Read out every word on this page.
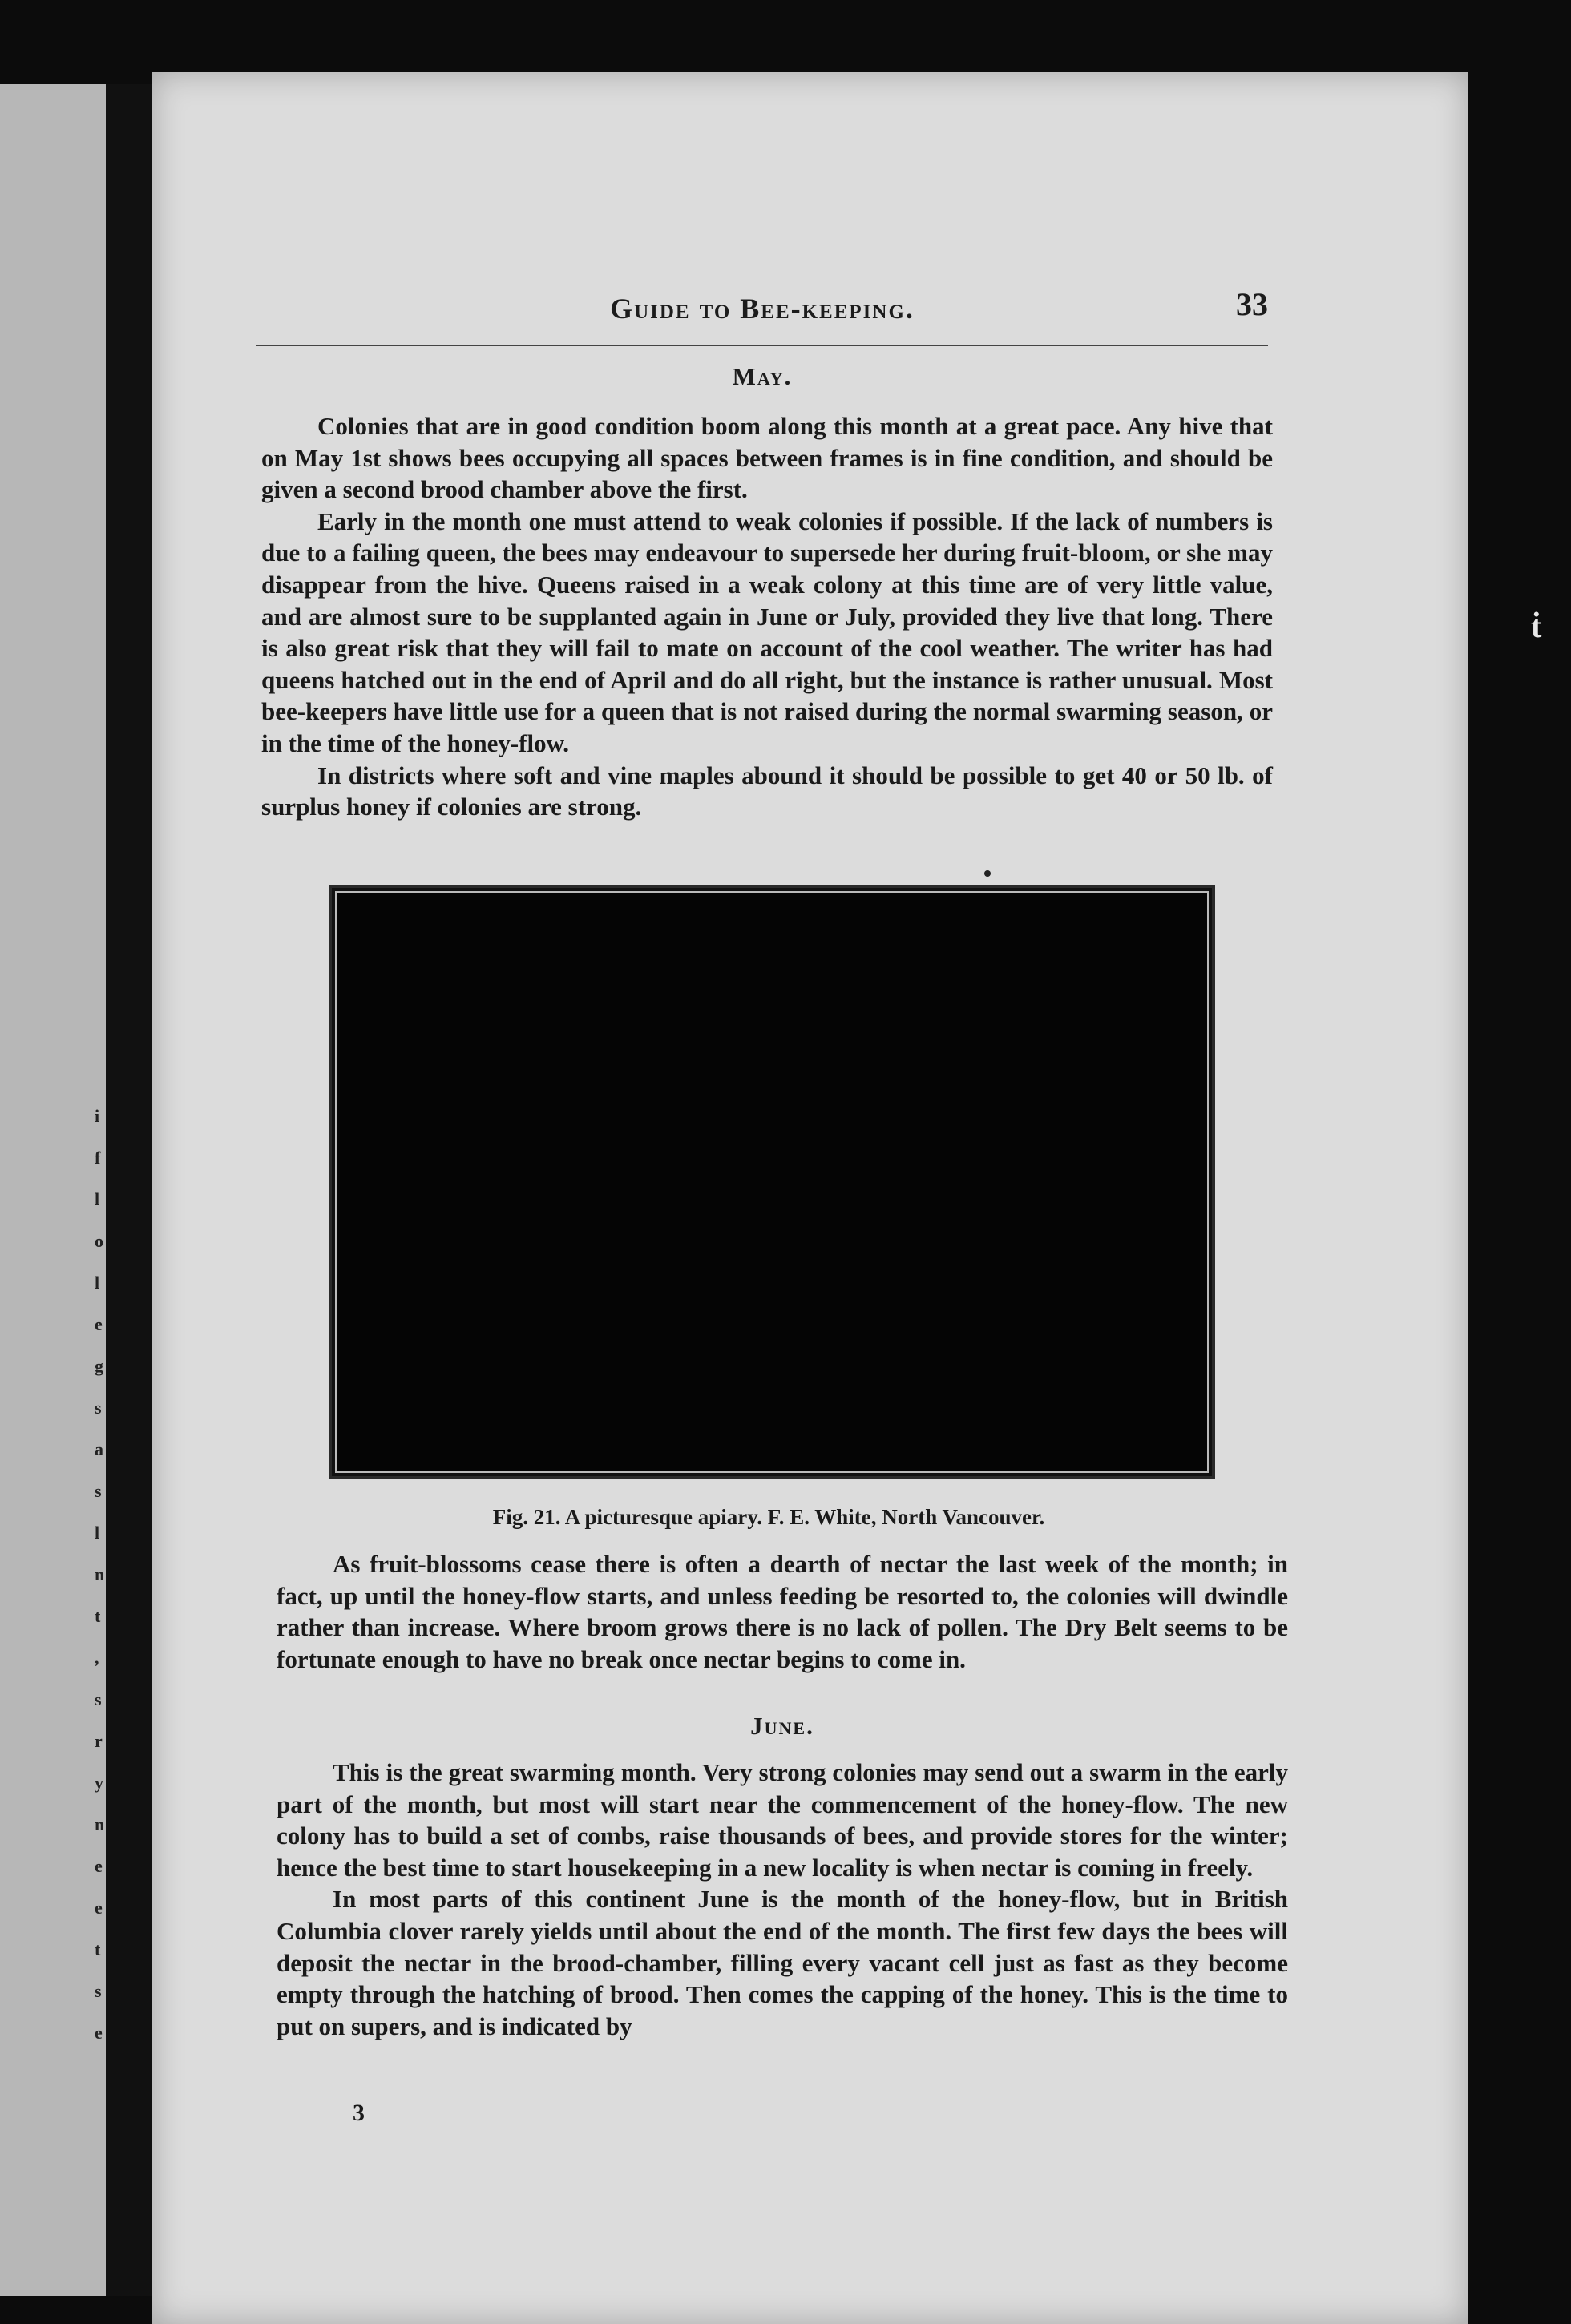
i
f
l
o
l
e
g
s
a
s
l
n
t
,
s
r
y
n
e
e
t
s
e
ṫ
Guide to Bee-keeping.	33
May.

Colonies that are in good condition boom along this month at a great pace. Any hive that on May 1st shows bees occupying all spaces between frames is in fine condition, and should be given a second brood chamber above the first.

Early in the month one must attend to weak colonies if possible. If the lack of numbers is due to a failing queen, the bees may endeavour to supersede her during fruit-bloom, or she may disappear from the hive. Queens raised in a weak colony at this time are of very little value, and are almost sure to be supplanted again in June or July, provided they live that long. There is also great risk that they will fail to mate on account of the cool weather. The writer has had queens hatched out in the end of April and do all right, but the instance is rather unusual. Most bee-keepers have little use for a queen that is not raised during the normal swarming season, or in the time of the honey-flow.

In districts where soft and vine maples abound it should be possible to get 40 or 50 lb. of surplus honey if colonies are strong.

Fig. 21. A picturesque apiary. F. E. White, North Vancouver.

As fruit-blossoms cease there is often a dearth of nectar the last week of the month; in fact, up until the honey-flow starts, and unless feeding be resorted to, the colonies will dwindle rather than increase. Where broom grows there is no lack of pollen. The Dry Belt seems to be fortunate enough to have no break once nectar begins to come in.

June.

This is the great swarming month. Very strong colonies may send out a swarm in the early part of the month, but most will start near the commencement of the honey-flow. The new colony has to build a set of combs, raise thousands of bees, and provide stores for the winter; hence the best time to start housekeeping in a new locality is when nectar is coming in freely.

In most parts of this continent June is the month of the honey-flow, but in British Columbia clover rarely yields until about the end of the month. The first few days the bees will deposit the nectar in the brood-chamber, filling every vacant cell just as fast as they become empty through the hatching of brood. Then comes the capping of the honey. This is the time to put on supers, and is indicated by

3
